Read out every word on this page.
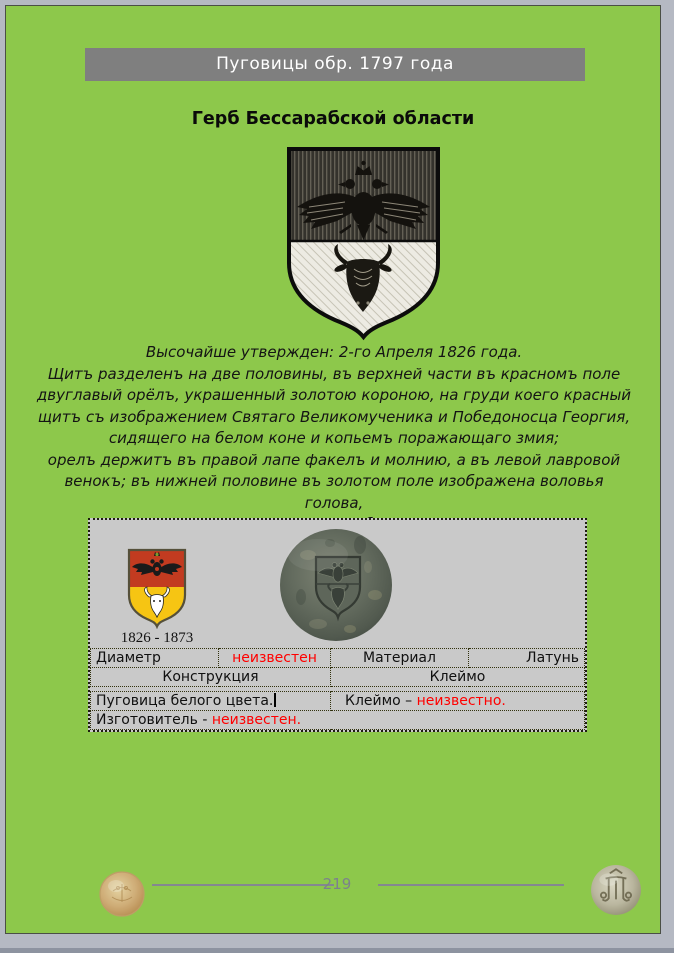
Пуговицы обр. 1797 года
Герб Бессарабской области
Высочайше утвержден: 2-го Апреля 1826 года.
Щитъ разделенъ на две половины, въ верхней части въ красномъ поле
двуглавый орёлъ, украшенный золотою короною, на груди коего красный
щитъ съ изображением Святаго Великомученика и Победоносца Георгия,
сидящего на белом коне и копьемъ поражающаго змия;
орелъ держитъ въ правой лапе факелъ и молнию, а въ левой лавровой
венокъ; въ нижней половине въ золотом поле изображена воловья голова,
1826 - 1873
Диаметр	неизвестен	Материал	Латунь
Конструкция		Клеймо	
Пуговица белого цвета.	Клеймо – неизвестно.
Изготовитель - неизвестен.
219
